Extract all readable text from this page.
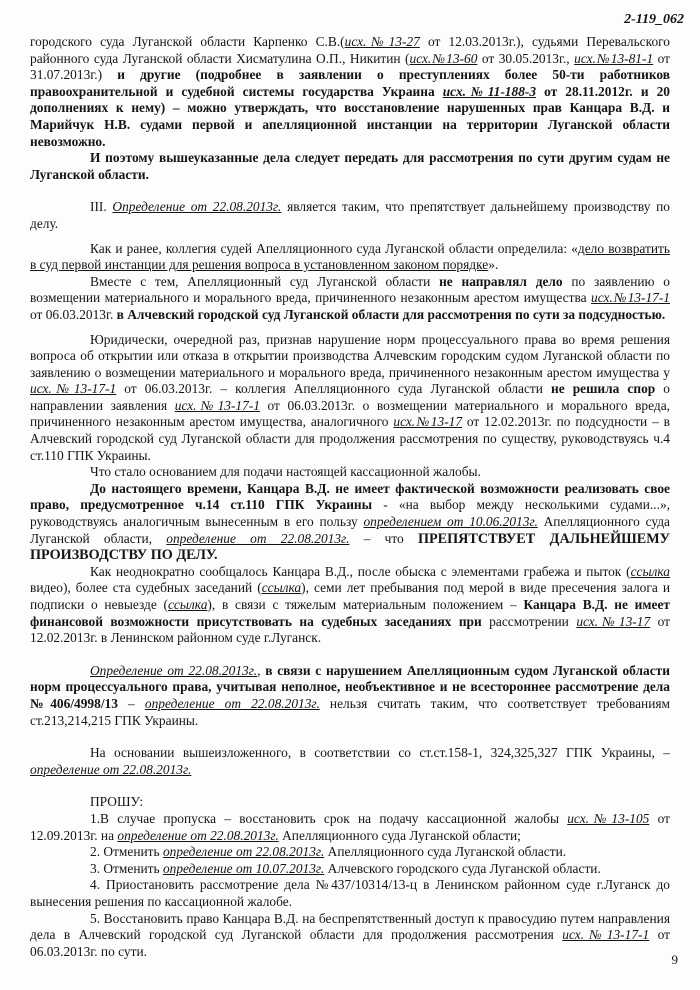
2-119_062

городского суда Луганской области Карпенко С.В.(исх.№13-27 от 12.03.2013г.), судьями Перевальского районного суда Луганской области Хисматулина О.П., Никитин (исх.№13-60 от 30.05.2013г., исх.№13-81-1 от 31.07.2013г.) и другие (подробнее в заявлении о преступлениях более 50-ти работников правоохранительной и судебной системы государства Украина исх.№11-188-3 от 28.11.2012г. и 20 дополнениях к нему) – можно утверждать, что восстановление нарушенных прав Канцара В.Д. и Марийчук Н.В. судами первой и апелляционной инстанции на территории Луганской области невозможно.

И поэтому вышеуказанные дела следует передать для рассмотрения по сути другим судам не Луганской области.

III. Определение от 22.08.2013г. является таким, что препятствует дальнейшему производству по делу.

Как и ранее, коллегия судей Апелляционного суда Луганской области определила: «дело возвратить в суд первой инстанции для решения вопроса в установленном законом порядке».

Вместе с тем, Апелляционный суд Луганской области не направлял дело по заявлению о возмещении материального и морального вреда, причиненного незаконным арестом имущества исх.№13-17-1 от 06.03.2013г. в Алчевский городской суд Луганской области для рассмотрения по сути за подсудностью.

Юридически, очередной раз, признав нарушение норм процессуального права во время решения вопроса об открытии или отказа в открытии производства Алчевским городским судом Луганской области по заявлению о возмещении материального и морального вреда, причиненного незаконным арестом имущества у исх.№13-17-1 от 06.03.2013г. – коллегия Апелляционного суда Луганской области не решила спор о направлении заявления исх.№13-17-1 от 06.03.2013г. о возмещении материального и морального вреда, причиненного незаконным арестом имущества, аналогичного исх.№13-17 от 12.02.2013г. по подсудности – в Алчевский городской суд Луганской области для продолжения рассмотрения по существу, руководствуясь ч.4 ст.110 ГПК Украины.

Что стало основанием для подачи настоящей кассационной жалобы.

До настоящего времени, Канцара В.Д. не имеет фактической возможности реализовать свое право, предусмотренное ч.14 ст.110 ГПК Украины - «на выбор между несколькими судами...», руководствуясь аналогичным вынесенным в его пользу определением от 10.06.2013г. Апелляционного суда Луганской области, определение от 22.08.2013г. – что ПРЕПЯТСТВУЕТ ДАЛЬНЕЙШЕМУ ПРОИЗВОДСТВУ ПО ДЕЛУ.

Как неоднократно сообщалось Канцара В.Д., после обыска с элементами грабежа и пыток (ссылка видео), более ста судебных заседаний (ссылка), семи лет пребывания под мерой в виде пресечения залога и подписки о невыезде (ссылка), в связи с тяжелым материальным положением – Канцара В.Д. не имеет финансовой возможности присутствовать на судебных заседаниях при рассмотрении исх.№13-17 от 12.02.2013г. в Ленинском районном суде г.Луганск.

Определение от 22.08.2013г., в связи с нарушением Апелляционным судом Луганской области норм процессуального права, учитывая неполное, необъективное и не всестороннее рассмотрение дела №406/4998/13 – определение от 22.08.2013г. нельзя считать таким, что соответствует требованиям ст.213,214,215 ГПК Украины.

На основании вышеизложенного, в соответствии со ст.ст.158-1, 324,325,327 ГПК Украины, – определение от 22.08.2013г.

ПРОШУ:

1.В случае пропуска – восстановить срок на подачу кассационной жалобы исх.№13-105 от 12.09.2013г. на определение от 22.08.2013г. Апелляционного суда Луганской области;

2. Отменить определение от 22.08.2013г. Апелляционного суда Луганской области.

3. Отменить определение от 10.07.2013г. Алчевского городского суда Луганской области.

4. Приостановить рассмотрение дела №437/10314/13-ц в Ленинском районном суде г.Луганск до вынесения решения по кассационной жалобе.

5. Восстановить право Канцара В.Д. на беспрепятственный доступ к правосудию путем направления дела в Алчевский городской суд Луганской области для продолжения рассмотрения исх.№13-17-1 от 06.03.2013г. по сути.

9
